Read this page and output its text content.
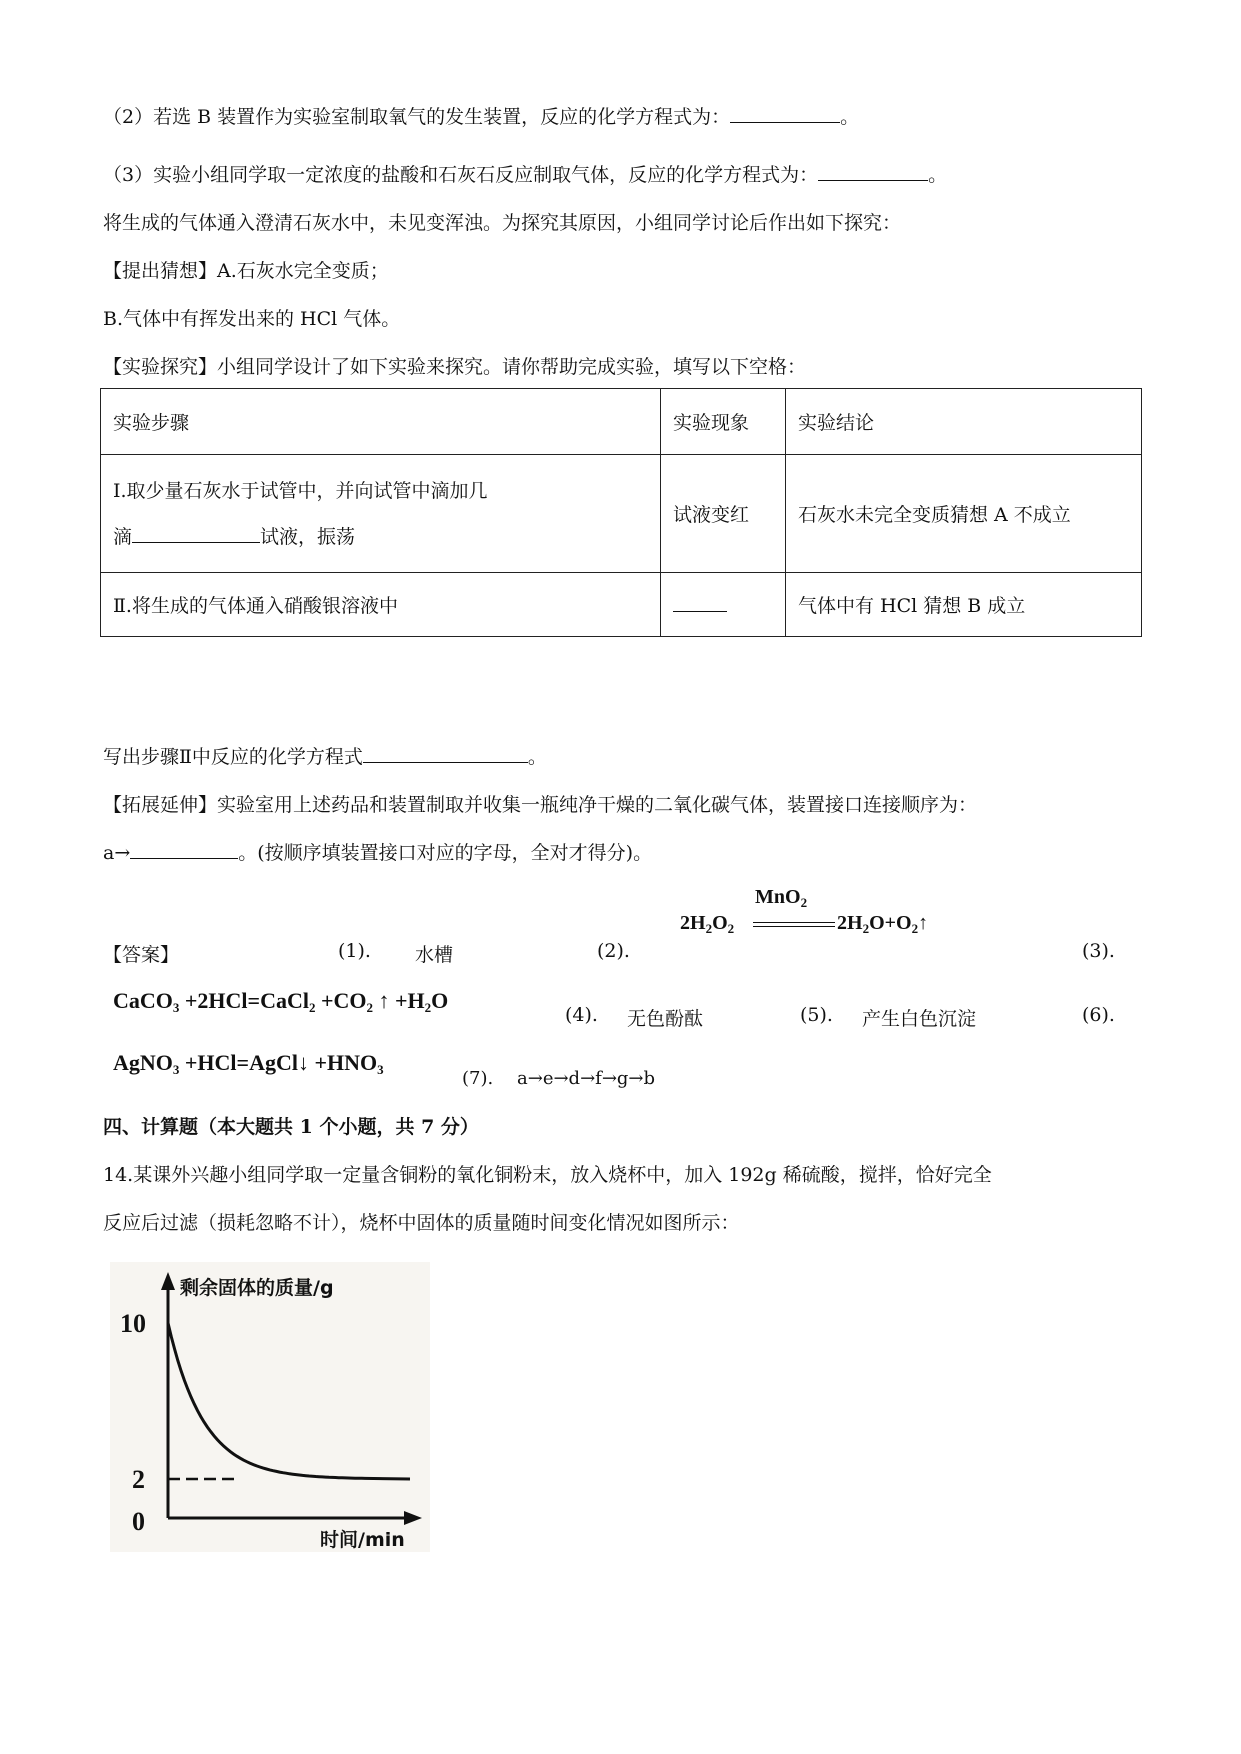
（2）若选 B 装置作为实验室制取氧气的发生装置，反应的化学方程式为：	。
（3）实验小组同学取一定浓度的盐酸和石灰石反应制取气体，反应的化学方程式为：	。
将生成的气体通入澄清石灰水中，未见变浑浊。为探究其原因，小组同学讨论后作出如下探究：
【提出猜想】A.石灰水完全变质；
B.气体中有挥发出来的 HCl 气体。
【实验探究】小组同学设计了如下实验来探究。请你帮助完成实验，填写以下空格：
实验步骤	实验现象	实验结论

Ⅰ.取少量石灰水于试管中，并向试管中滴加几
滴 试液，振荡	试液变红	石灰水未完全变质猜想 A 不成立
Ⅱ.将生成的气体通入硝酸银溶液中		气体中有 HCl 猜想 B 成立
写出步骤Ⅱ中反应的化学方程式	。
【拓展延伸】实验室用上述药品和装置制取并收集一瓶纯净干燥的二氧化碳气体，装置接口连接顺序为：
a→	。(按顺序填装置接口对应的字母，全对才得分)。
MnO$_2$
$2H_2O_2$	$2H_2O+O_2↑$
【答案】	(1). 水槽	(2).	(3).
CaCO$_3$ +2HCl=CaCl$_2$ $+CO_2$ ↑ $+H_2O$
(4). 无色酚酞	(5). 产生白色沉淀	(6).
AgNO$_3$ +HCl=AgCl↓ $+HNO_3$	(7). a→e→d→f→g→b
四、计算题（本大题共 1 个小题，共 7 分）
14.某课外兴趣小组同学取一定量含铜粉的氧化铜粉末，放入烧杯中，加入 192g 稀硫酸，搅拌，恰好完全
反应后过滤（损耗忽略不计），烧杯中固体的质量随时间变化情况如图所示：
剩余固体的质量/g
时间/min
10
2
0
